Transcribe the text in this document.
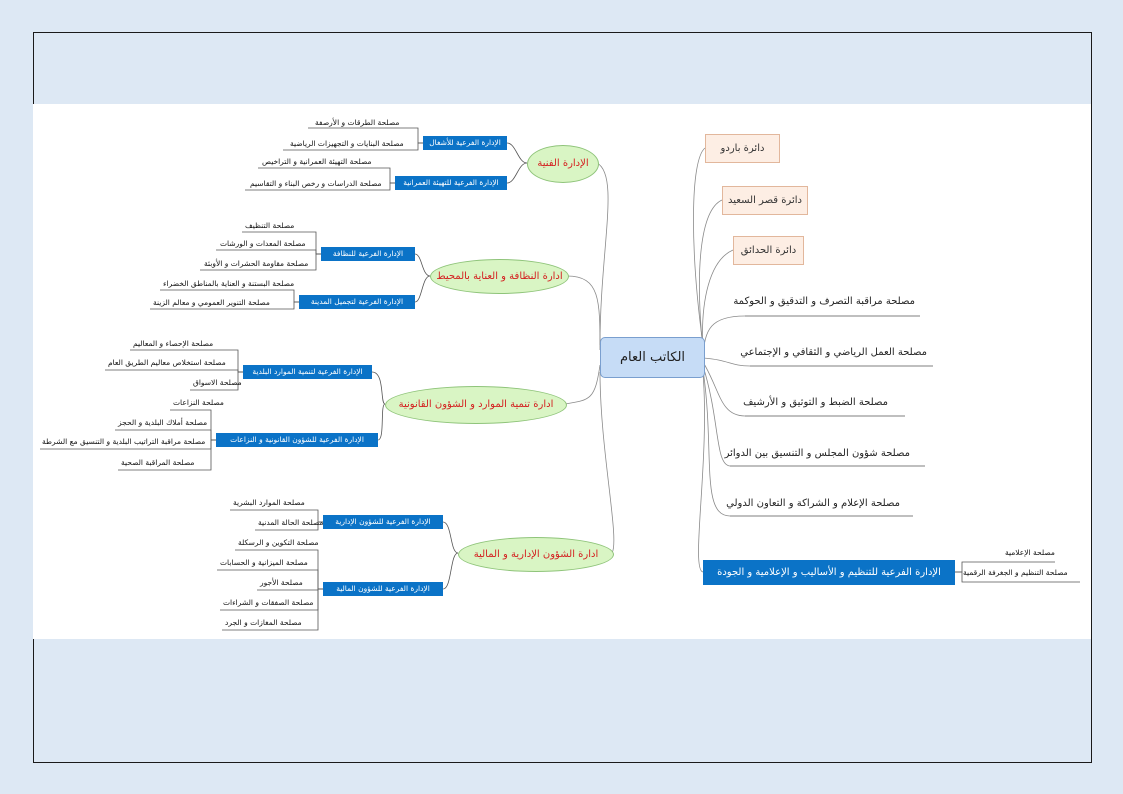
الكاتب العام
دائرة باردو
دائرة قصر السعيد
دائرة الحدائق
مصلحة مراقبة التصرف و التدقيق و الحوكمة
مصلحة العمل الرياضي و الثقافي و الإجتماعي
مصلحة الضبط و التوثيق و الأرشيف
مصلحة شؤون المجلس و التنسيق بين الدوائر
مصلحة الإعلام و الشراكة و التعاون الدولي
الإدارة الفرعية للتنظيم و الأساليب و الإعلامية و الجودة
مصلحة الإعلامية
مصلحة التنظيم و الجغرفة الرقمية
الإدارة الفنية
الإدارة الفرعية للأشغال
الإدارة الفرعية للتهيئة العمرانية
مصلحة الطرقات و الأرصفة
مصلحة البنايات و التجهيزات الرياضية
مصلحة التهيئة العمرانية و التراخيص
مصلحة الدراسات و رخص البناء و التقاسيم
ادارة النظافة و العناية بالمحيط
الإدارة الفرعية للنظافة
الإدارة الفرعية لتجميل المدينة
مصلحة التنظيف
مصلحة المعدات و الورشات
مصلحة مقاومة الحشرات و الأوبئة
مصلحة البستنة و العناية بالمناطق الخضراء
مصلحة التنوير العمومي و معالم الزينة
ادارة تنمية الموارد و الشؤون القانونية
الإدارة الفرعية لتنمية الموارد البلدية
الإدارة الفرعية للشؤون القانونية و النزاعات
مصلحة الإحصاء و المعاليم
مصلحة استخلاص معاليم الطريق العام
مصلحة الاسواق
مصلحة النزاعات
مصلحة أملاك البلدية و الحجز
مصلحة مراقبة التراتيب البلدية و التنسيق مع الشرطة
مصلحة المراقبة الصحية
ادارة الشؤون الإدارية و المالية
الإدارة الفرعية للشؤون الإدارية
الإدارة الفرعية للشؤون المالية
مصلحة الموارد البشرية
مصلحة الحالة المدنية
مصلحة التكوين و الرسكلة
مصلحة الميزانية و الحسابات
مصلحة الأجور
مصلحة الصفقات و الشراءات
مصلحة المغازات و الجرد
